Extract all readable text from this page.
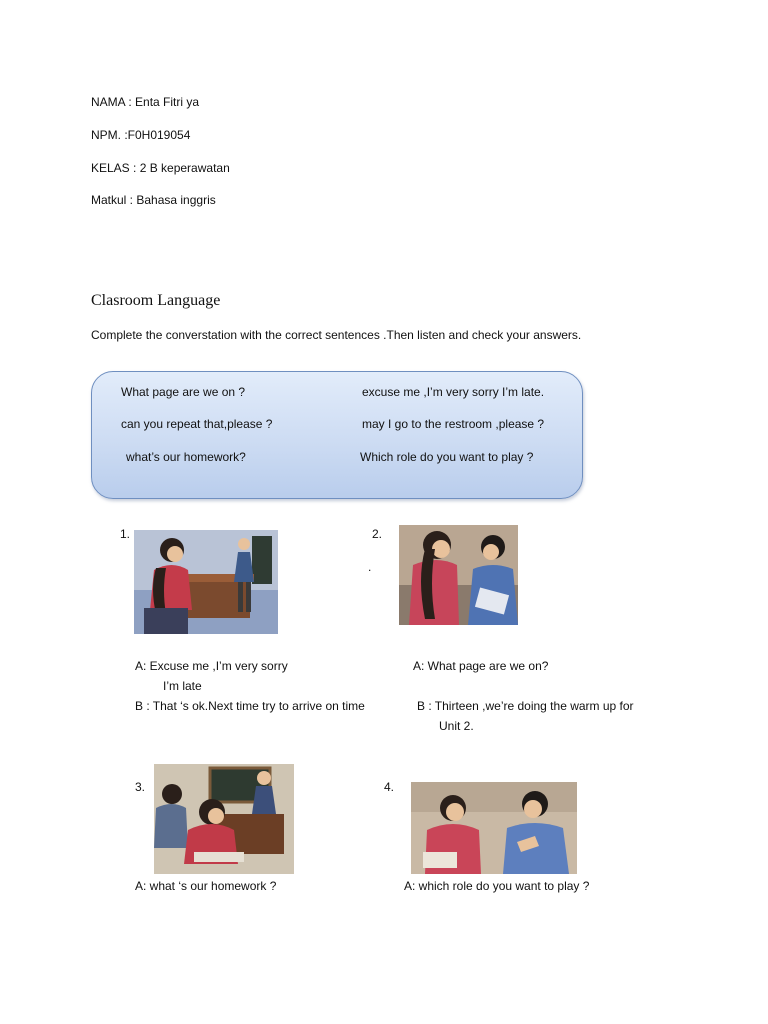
NAMA : Enta Fitri ya
NPM. :F0H019054
KELAS : 2 B keperawatan
Matkul : Bahasa inggris
Clasroom Language
Complete the converstation with the correct sentences .Then listen and check your answers.
What page are we on ?
can you repeat that,please ?
what’s our homework?
excuse me ,I’m very sorry I’m late.
may I go to the restroom ,please ?
Which role do you want to play ?
1.
A: Excuse me ,I’m very sorry
I’m late
B : That ‘s ok.Next time try to arrive on time
2.
.
A: What page are we on?
B : Thirteen ,we’re doing the warm up for
Unit 2.
3.
A: what ‘s our homework ?
4.
A: which role do you want to play ?
